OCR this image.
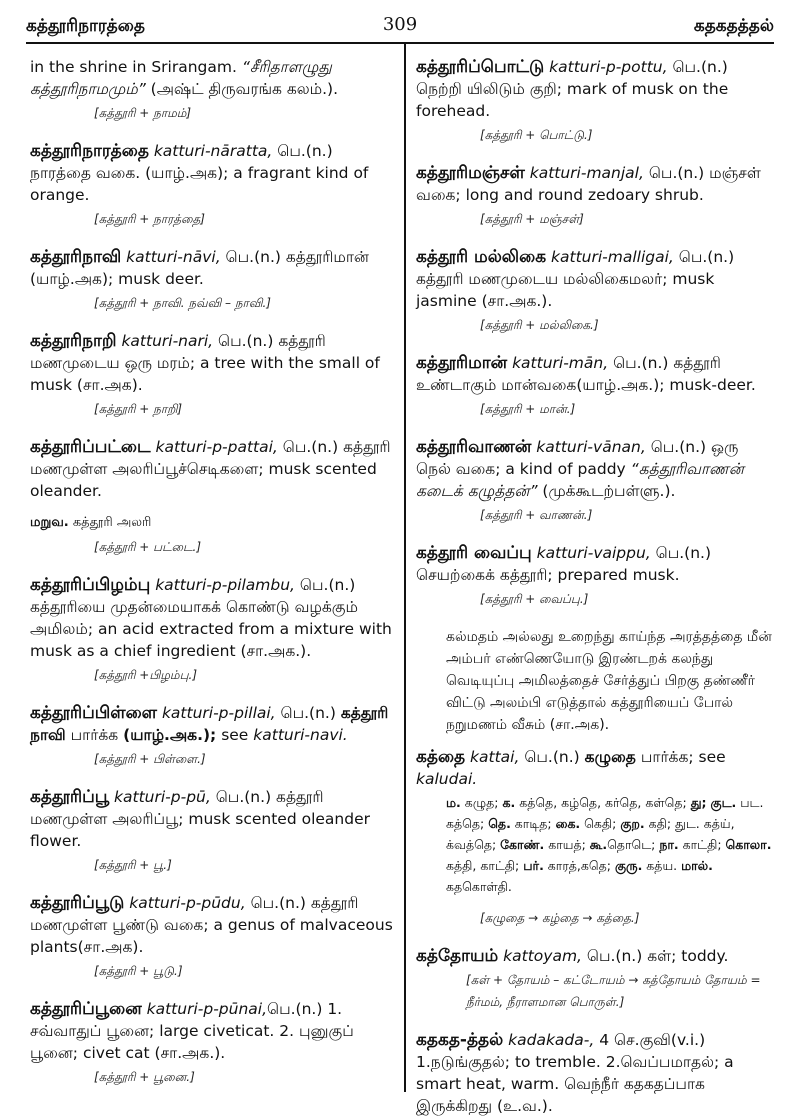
கத்தூரிநாரத்தை	309	கதகதத்தல்

in the shrine in Srirangam. “சீரிதாளழுது கத்தூரிநாமமும்” (அஷ்ட் திருவரங்க கலம்.).

[கத்தூரி + நாமம்]

கத்தூரிநாரத்தை katturi-nāratta, பெ.(n.) நாரத்தை வகை. (யாழ்.அக); a fragrant kind of orange.

[கத்தூரி + நாரத்தை]

கத்தூரிநாவி katturi-nāvi, பெ.(n.) கத்தூரிமான் (யாழ்.அக); musk deer.

[கத்தூரி + நாவி. நவ்வி – நாவி.]

கத்தூரிநாறி katturi-nari, பெ.(n.) கத்தூரி மணமுடைய ஒரு மரம்; a tree with the small of musk (சா.அக).

[கத்தூரி + நாறி]

கத்தூரிப்பட்டை katturi-p-pattai, பெ.(n.) கத்தூரி மணமுள்ள அலரிப்பூச்செடிகளை; musk scented oleander.

மறுவ. கத்தூரி அலரி

[கத்தூரி + பட்டை.]

கத்தூரிப்பிழம்பு katturi-p-pilambu, பெ.(n.) கத்தூரியை முதன்மையாகக் கொண்டு வழக்கும் அமிலம்; an acid extracted from a mixture with musk as a chief ingredient (சா.அக.).

[கத்தூரி +பிழம்பு.]

கத்தூரிப்பிள்ளை katturi-p-pillai, பெ.(n.) கத்தூரி நாவி பார்க்க (யாழ்.அக.); see katturi-navi.

[கத்தூரி + பிள்ளை.]

கத்தூரிப்பூ katturi-p-pū, பெ.(n.) கத்தூரி மணமுள்ள அலரிப்பூ; musk scented oleander flower.

[கத்தூரி + பூ.]

கத்தூரிப்பூடு katturi-p-pūdu, பெ.(n.) கத்தூரி மணமுள்ள பூண்டு வகை; a genus of malvaceous plants(சா.அக).

[கத்தூரி + பூடு.]

கத்தூரிப்பூனை katturi-p-pūnai,பெ.(n.) 1. சவ்வாதுப் பூனை; large civeticat. 2. புனுகுப் பூனை; civet cat (சா.அக.).

[கத்தூரி + பூனை.]

கத்தூரிப்பொட்டு katturi-p-pottu, பெ.(n.) நெற்றி யிலிடும் குறி; mark of musk on the forehead.

[கத்தூரி + பொட்டு.]

கத்தூரிமஞ்சள் katturi-manjal, பெ.(n.) மஞ்சள் வகை; long and round zedoary shrub.

[கத்தூரி + மஞ்சள்]

கத்தூரி மல்லிகை katturi-malligai, பெ.(n.) கத்தூரி மணமுடைய மல்லிகைமலர்; musk jasmine (சா.அக.).

[கத்தூரி + மல்லிகை.]

கத்தூரிமான் katturi-mān, பெ.(n.) கத்தூரி உண்டாகும் மான்வகை(யாழ்.அக.); musk-deer.

[கத்தூரி + மான்.]

கத்தூரிவாணன் katturi-vānan, பெ.(n.) ஒரு நெல் வகை; a kind of paddy “கத்தூரிவாணன் கடைக் கழுத்தன்” (முக்கூடற்பள்ளு.).

[கத்தூரி + வாணன்.]

கத்தூரி வைப்பு katturi-vaippu, பெ.(n.) செயற்கைக் கத்தூரி; prepared musk.

[கத்தூரி + வைப்பு.]
கல்மதம் அல்லது உறைந்து காய்ந்த அரத்தத்தை மீன் அம்பர் எண்ணெயோடு இரண்டறக் கலந்து வெடியுப்பு அமிலத்தைச் சேர்த்துப் பிறகு தண்ணீர் விட்டு அலம்பி எடுத்தால் கத்தூரியைப் போல் நறுமணம் வீசும் (சா.அக).

கத்தை kattai, பெ.(n.) கழுதை பார்க்க; see kaludai.

ம. கழுத; க. கத்தெ, கழ்தெ, கர்தெ, கள்தெ; து; குட. பட. கத்தெ; தெ. காடித; கை. கெதி; குற. கதி; துட. கத்ய், க்வத்தெ; கோண். காயத்; கூ.தொடெ; நா. காட்தி; கொலா. கத்தி, காட்தி; பர். காரத்,கதெ; குரு. கத்ய. மால். கதகொள்தி.
[கழுதை → கழ்தை → கத்தை.]

கத்தோயம் kattoyam, பெ.(n.) கள்; toddy.

[கள் + தோயம் – கட்டோயம் → கத்தோயம் தோயம் = நீர்மம், நீராளமான பொருள்.]

கதகத-த்தல் kadakada-, 4 செ.குவி(v.i.) 1.நடுங்குதல்; to tremble. 2.வெப்பமாதல்; a smart heat, warm. வெந்நீர் கதகதப்பாக இருக்கிறது (உ.வ.).
